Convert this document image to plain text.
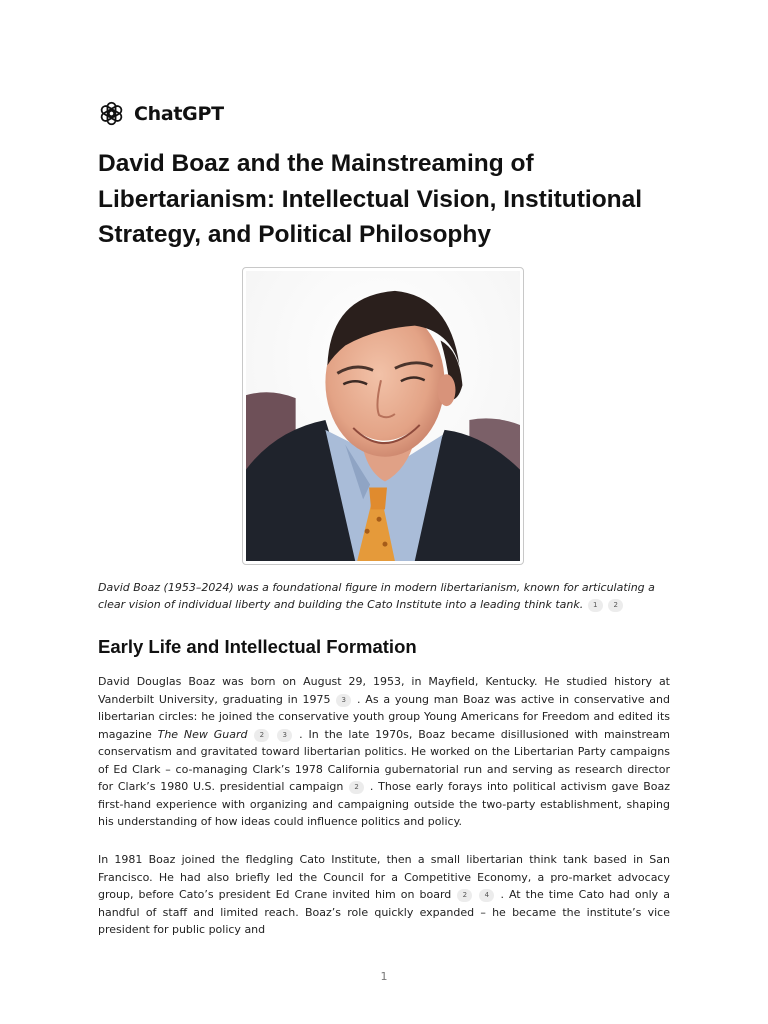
ChatGPT
David Boaz and the Mainstreaming of Libertarianism: Intellectual Vision, Institutional Strategy, and Political Philosophy

David Boaz (1953–2024) was a foundational figure in modern libertarianism, known for articulating a clear vision of individual liberty and building the Cato Institute into a leading think tank. 1 2

Early Life and Intellectual Formation

David Douglas Boaz was born on August 29, 1953, in Mayfield, Kentucky. He studied history at Vanderbilt University, graduating in 1975 3 . As a young man Boaz was active in conservative and libertarian circles: he joined the conservative youth group Young Americans for Freedom and edited its magazine The New Guard 2	3 . In the late 1970s, Boaz became disillusioned with mainstream conservatism and gravitated toward libertarian politics. He worked on the Libertarian Party campaigns of Ed Clark – co-managing Clark’s 1978 California gubernatorial run and serving as research director for Clark’s 1980 U.S. presidential campaign 2 . Those early forays into political activism gave Boaz first-hand experience with organizing and campaigning outside the two-party establishment, shaping his understanding of how ideas could influence politics and policy.

In 1981 Boaz joined the fledgling Cato Institute, then a small libertarian think tank based in San Francisco. He had also briefly led the Council for a Competitive Economy, a pro-market advocacy group, before Cato’s president Ed Crane invited him on board 2	4 . At the time Cato had only a handful of staff and limited reach. Boaz’s role quickly expanded – he became the institute’s vice president for public policy and

1
